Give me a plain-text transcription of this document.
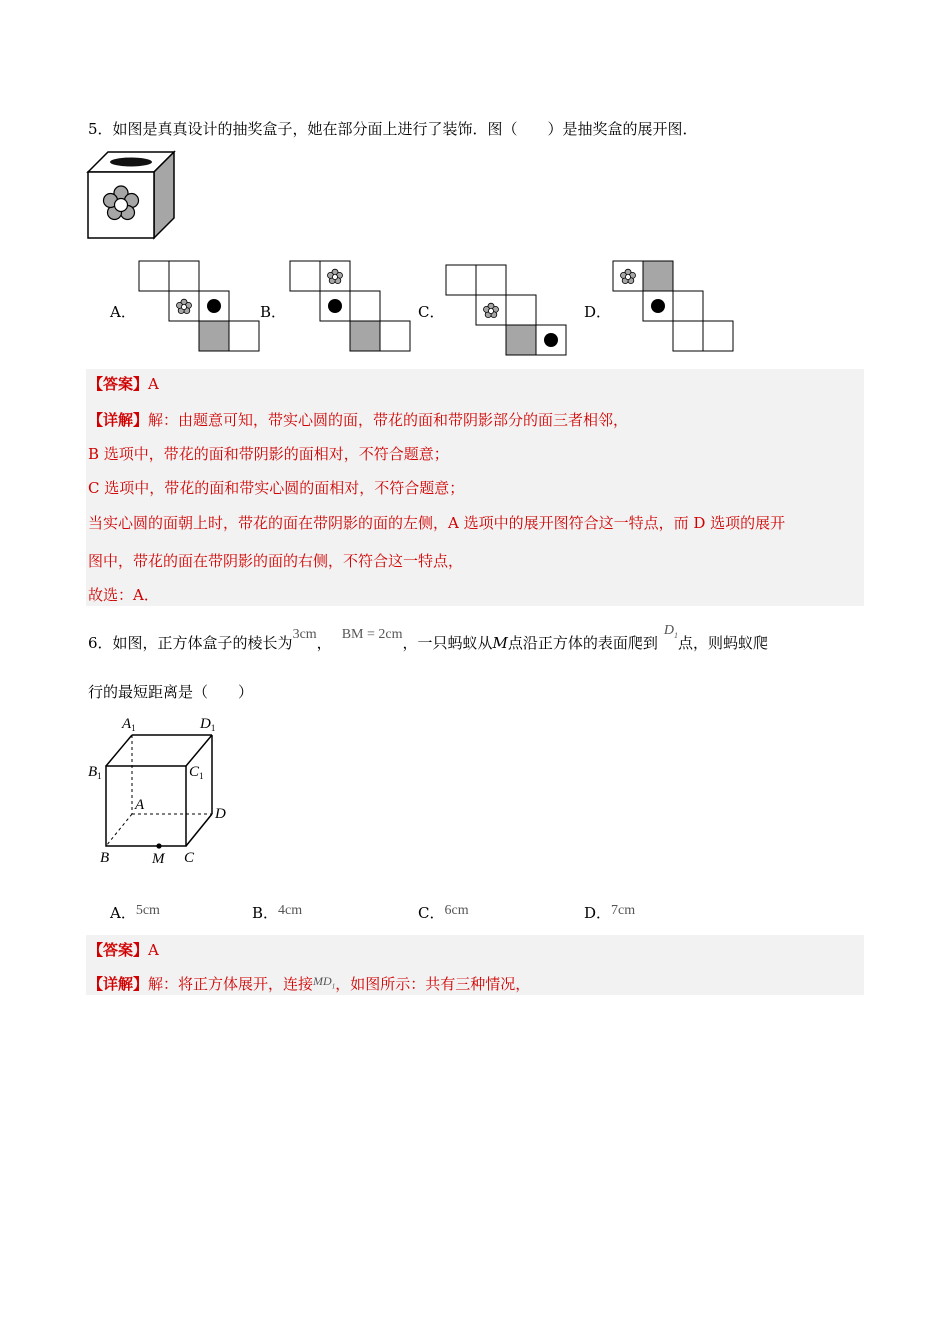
5．如图是真真设计的抽奖盒子，她在部分面上进行了装饰．图（　　）是抽奖盒的展开图．
A．	B．	C．	D．
【答案】A
【详解】解：由题意可知，带实心圆的面，带花的面和带阴影部分的面三者相邻，
B 选项中，带花的面和带阴影的面相对，不符合题意；
C 选项中，带花的面和带实心圆的面相对，不符合题意；
当实心圆的面朝上时，带花的面在带阴影的面的左侧，A 选项中的展开图符合这一特点，而 D 选项的展开
图中，带花的面在带阴影的面的右侧，不符合这一特点，
故选：A．
6．如图，正方体盒子的棱长为3cm， BM = 2cm，一只蚂蚁从M点沿正方体的表面爬到$D_1$点，则蚂蚁爬
行的最短距离是（　　）
$A_1$	$D_1$
$B_1$	$C_1$
A
D
B	M C
A．5cm	B．4cm	C．6cm	D．7cm
【答案】A
【详解】解：将正方体展开，连接$^{MD_1}$，如图所示：共有三种情况，
